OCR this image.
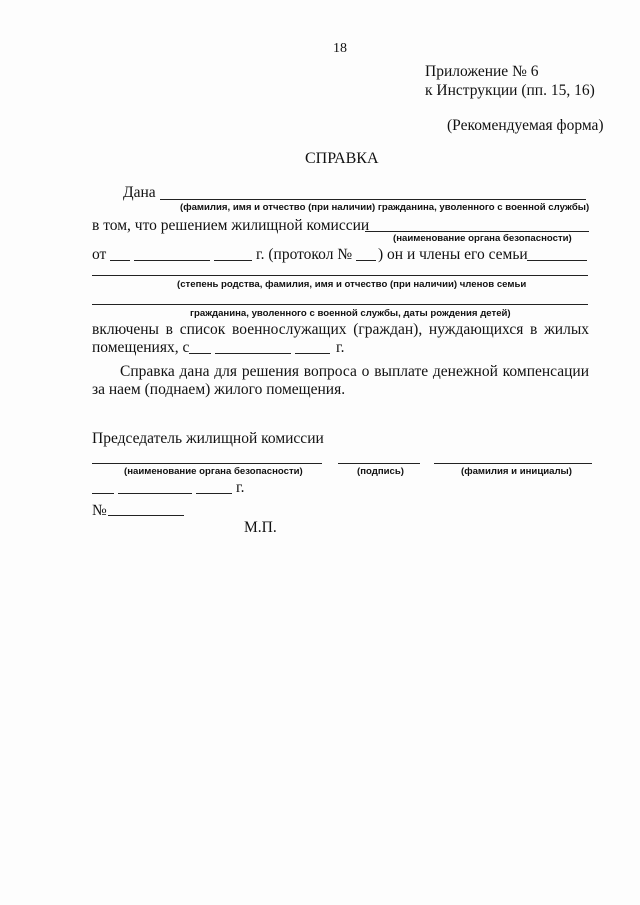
18
Приложение № 6
к Инструкции (пп. 15, 16)
(Рекомендуемая форма)
СПРАВКА
Дана
(фамилия, имя и отчество (при наличии) гражданина, уволенного с военной службы)
в том, что решением жилищной комиссии
(наименование органа безопасности)
от	г. (протокол № ) он и члены его семьи
(степень родства, фамилия, имя и отчество (при наличии) членов семьи
гражданина, уволенного с военной службы, даты рождения детей)
включены в список военнослужащих (граждан), нуждающихся в жилых
помещениях, с	г.
Справка дана для решения вопроса о выплате денежной компенсации
за наем (поднаем) жилого помещения.
Председатель жилищной комиссии
(наименование органа безопасности)	(подпись)	(фамилия и инициалы)
г.
№
М.П.
